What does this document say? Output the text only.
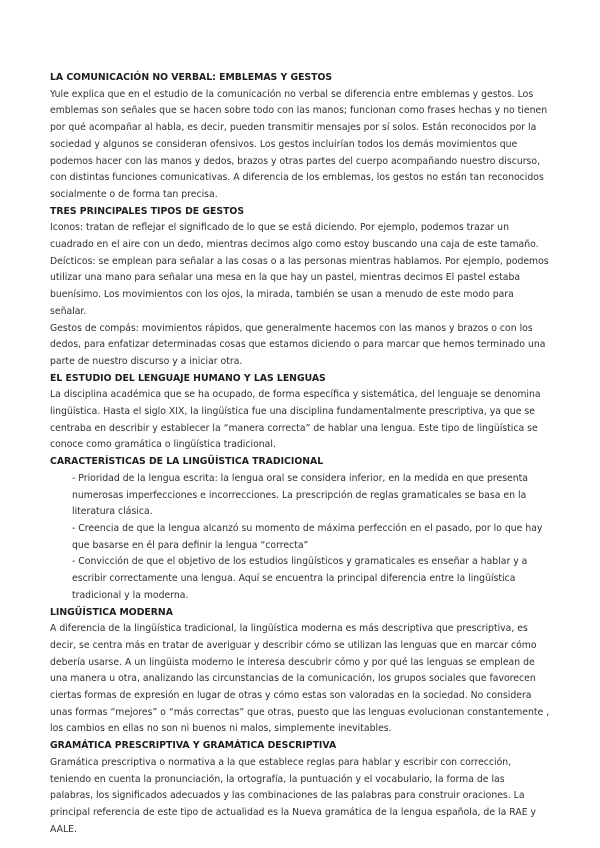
LA COMUNICACIÓN NO VERBAL: EMBLEMAS Y GESTOS

Yule explica que en el estudio de la comunicación no verbal se diferencia entre emblemas y gestos. Los emblemas son señales que se hacen sobre todo con las manos; funcionan como frases hechas y no tienen por qué acompañar al habla, es decir, pueden transmitir mensajes por sí solos. Están reconocidos por la sociedad y algunos se consideran ofensivos. Los gestos incluirían todos los demás movimientos que podemos hacer con las manos y dedos, brazos y otras partes del cuerpo acompañando nuestro discurso, con distintas funciones comunicativas. A diferencia de los emblemas, los gestos no están tan reconocidos socialmente o de forma tan precisa.

TRES PRINCIPALES TIPOS DE GESTOS

Iconos: tratan de reflejar el significado de lo que se está diciendo. Por ejemplo, podemos trazar un cuadrado en el aire con un dedo, mientras decimos algo como estoy buscando una caja de este tamaño.

Deícticos: se emplean para señalar a las cosas o a las personas mientras hablamos. Por ejemplo, podemos utilizar una mano para señalar una mesa en la que hay un pastel, mientras decimos El pastel estaba buenísimo. Los movimientos con los ojos, la mirada, también se usan a menudo de este modo para señalar.

Gestos de compás: movimientos rápidos, que generalmente hacemos con las manos y brazos o con los dedos, para enfatizar determinadas cosas que estamos diciendo o para marcar que hemos terminado una parte de nuestro discurso y a iniciar otra.

EL ESTUDIO DEL LENGUAJE HUMANO Y LAS LENGUAS

La disciplina académica que se ha ocupado, de forma específica y sistemática, del lenguaje se denomina lingüística. Hasta el siglo XIX, la lingüística fue una disciplina fundamentalmente prescriptiva, ya que se centraba en describir y establecer la “manera correcta” de hablar una lengua. Este tipo de lingüística se conoce como gramática o lingüística tradicional.

CARACTERÍSTICAS DE LA LINGÜÍSTICA TRADICIONAL

- Prioridad de la lengua escrita: la lengua oral se considera inferior, en la medida en que presenta numerosas imperfecciones e incorrecciones. La prescripción de reglas gramaticales se basa en la literatura clásica.

- Creencia de que la lengua alcanzó su momento de máxima perfección en el pasado, por lo que hay que basarse en él para definir la lengua “correcta”

- Convicción de que el objetivo de los estudios lingüísticos y gramaticales es enseñar a hablar y a escribir correctamente una lengua. Aquí se encuentra la principal diferencia entre la lingüística tradicional y la moderna.

LINGÜÍSTICA MODERNA

A diferencia de la lingüística tradicional, la lingüística moderna es más descriptiva que prescriptiva, es decir, se centra más en tratar de averiguar y describir cómo se utilizan las lenguas que en marcar cómo debería usarse. A un lingüista moderno le interesa descubrir cómo y por qué las lenguas se emplean de una manera u otra, analizando las circunstancias de la comunicación, los grupos sociales que favorecen ciertas formas de expresión en lugar de otras y cómo estas son valoradas en la sociedad. No considera unas formas “mejores” o “más correctas” que otras, puesto que las lenguas evolucionan constantemente , los cambios en ellas no son ni buenos ni malos, simplemente inevitables.

GRAMÁTICA PRESCRIPTIVA Y GRAMÁTICA DESCRIPTIVA

Gramática prescriptiva o normativa a la que establece reglas para hablar y escribir con corrección, teniendo en cuenta la pronunciación, la ortografía, la puntuación y el vocabulario, la forma de las palabras, los significados adecuados y las combinaciones de las palabras para construir oraciones. La principal referencia de este tipo de actualidad es la Nueva gramática de la lengua española, de la RAE y AALE.
